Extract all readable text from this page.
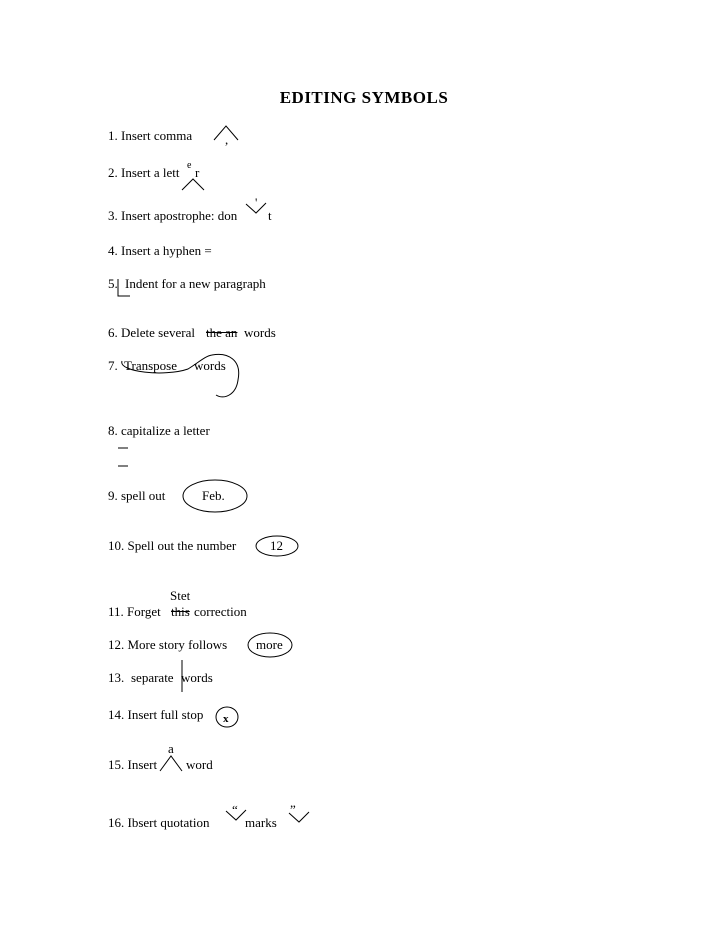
EDITING SYMBOLS
1. Insert comma	,
2. Insert a lett e r
'
3. Insert apostrophe: don t
4. Insert a hyphen =
5. Indent for a new paragraph
6. Delete several the an words
7. Transpose words
8. capitalize a letter
9. spell out	Feb.
10. Spell out the number	12
Stet
11. Forget this correction
12. More story follows more
13. separate words
14. Insert full stop x
a
15. Insert word
“	”
16. Ibsert quotation	marks
